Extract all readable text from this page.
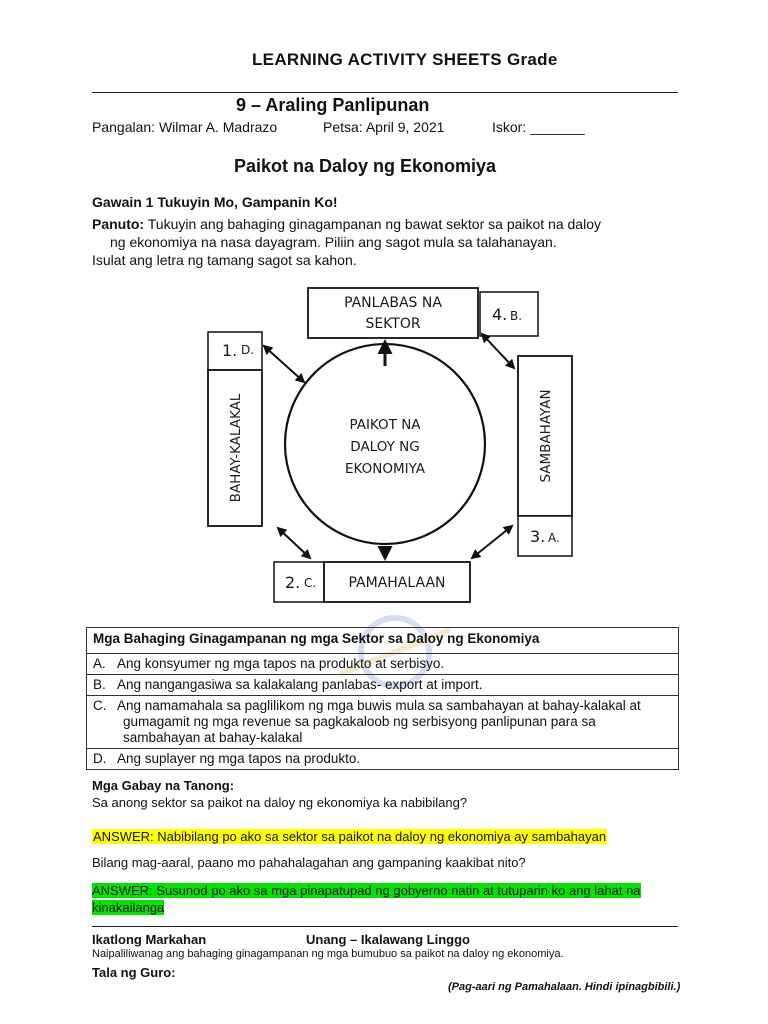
LEARNING ACTIVITY SHEETS Grade
9 – Araling Panlipunan
Pangalan: Wilmar A. Madrazo	Petsa: April 9, 2021	Iskor: _______
Paikot na Daloy ng Ekonomiya
Gawain 1 Tukuyin Mo, Gampanin Ko!
Panuto: Tukuyin ang bahaging ginagampanan ng bawat sektor sa paikot na daloy
ng ekonomiya na nasa dayagram. Piliin ang sagot mula sa talahanayan.
Isulat ang letra ng tamang sagot sa kahon.
PAIKOT NA
DALOY NG
EKONOMIYA
PANLABAS NA
SEKTOR	4. B.
1. D.
BAHAY-KALAKAL	SAMBAHAYAN
3. A.
2. C. PAMAHALAAN
Mga Bahaging Ginagampanan ng mga Sektor sa Daloy ng Ekonomiya
A. Ang konsyumer ng mga tapos na produkto at serbisyo.
B. Ang nangangasiwa sa kalakalang panlabas- export at import.

C. Ang namamahala sa paglilikom ng mga buwis mula sa sambahayan at bahay-kalakal at gumagamit ng mga revenue sa pagkakaloob ng serbisyong panlipunan para sa sambahayan at bahay-kalakal

D. Ang suplayer ng mga tapos na produkto.
Mga Gabay na Tanong:
Sa anong sektor sa paikot na daloy ng ekonomiya ka nabibilang?
ANSWER: Nabibilang po ako sa sektor sa paikot na daloy ng ekonomiya ay sambahayan
Bilang mag-aaral, paano mo pahahalagahan ang gampaning kaakibat nito?
ANSWER: Susunod po ako sa mga pinapatupad ng gobyerno natin at tutuparin ko ang lahat na kinakailanga
Ikatlong Markahan	Unang – Ikalawang Linggo
Naipaliliwanag ang bahaging ginagampanan ng mga bumubuo sa paikot na daloy ng ekonomiya.
Tala ng Guro:
(Pag-aari ng Pamahalaan. Hindi ipinagbibili.)
